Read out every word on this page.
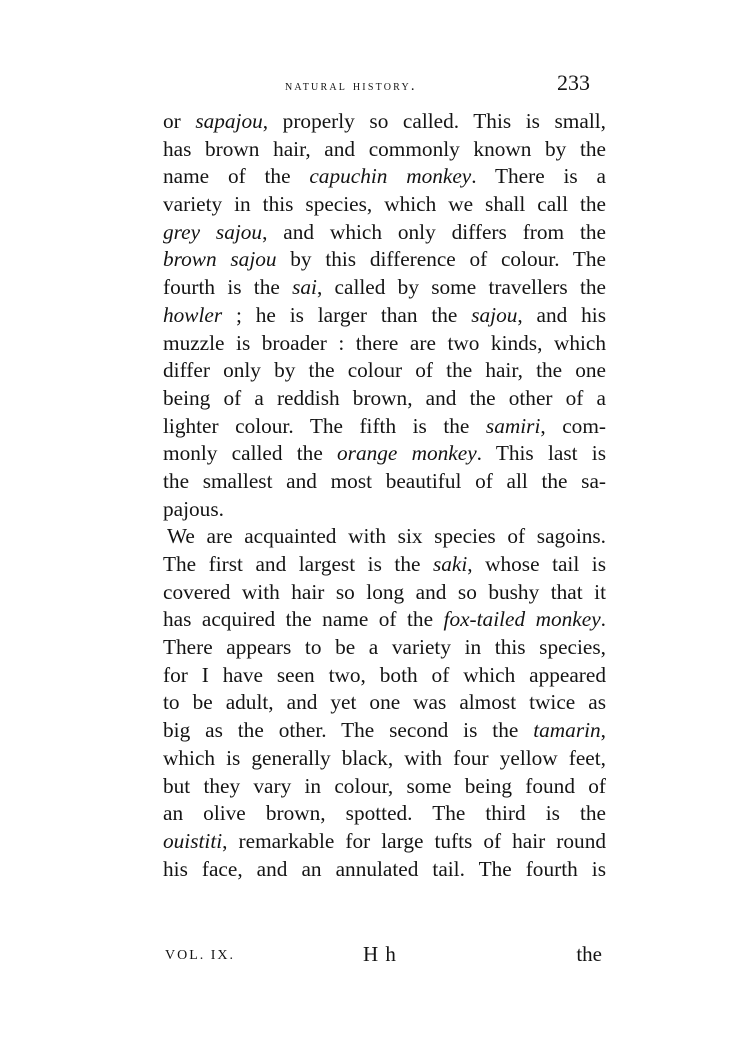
natural history.	233
or sapajou, properly so called. This is small,
has brown hair, and commonly known by the
name of the capuchin monkey. There is a
variety in this species, which we shall call the
grey sajou, and which only differs from the
brown sajou by this difference of colour. The
fourth is the sai, called by some travellers the
howler ; he is larger than the sajou, and his
muzzle is broader : there are two kinds, which
differ only by the colour of the hair, the one
being of a reddish brown, and the other of a
lighter colour. The fifth is the samiri, com-
monly called the orange monkey. This last is
the smallest and most beautiful of all the sa-
pajous.
We are acquainted with six species of sagoins.
The first and largest is the saki, whose tail is
covered with hair so long and so bushy that it
has acquired the name of the fox-tailed monkey.
There appears to be a variety in this species,
for I have seen two, both of which appeared
to be adult, and yet one was almost twice as
big as the other. The second is the tamarin,
which is generally black, with four yellow feet,
but they vary in colour, some being found of
an olive brown, spotted. The third is the
ouistiti, remarkable for large tufts of hair round
his face, and an annulated tail. The fourth is
VOL. IX.	H h	the
